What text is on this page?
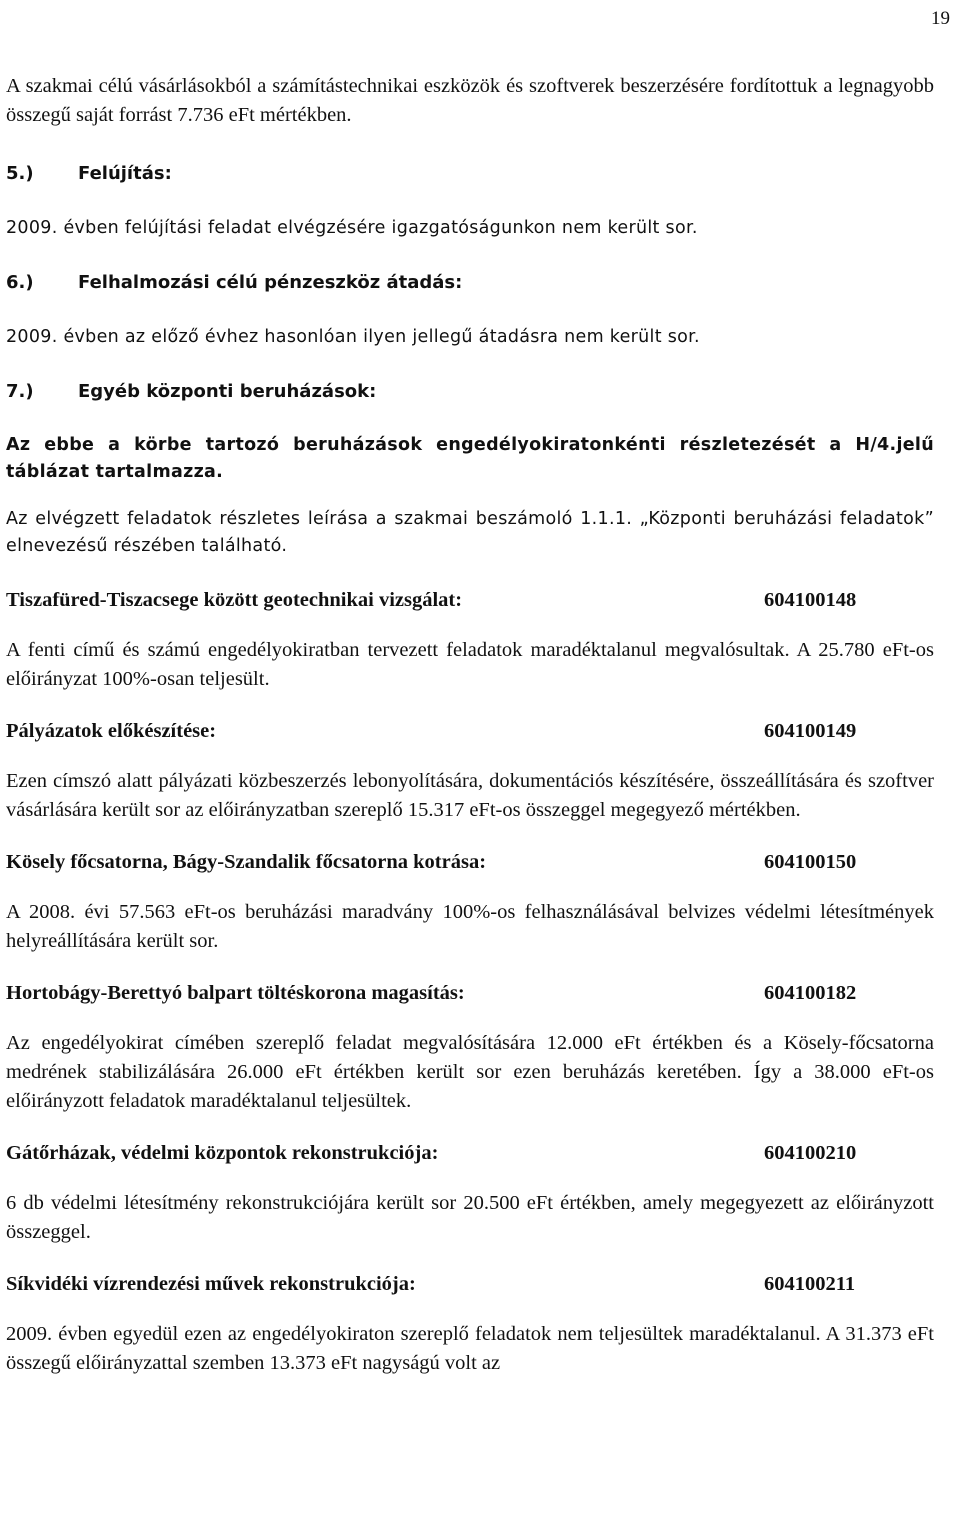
19

A szakmai célú vásárlásokból a számítástechnikai eszközök és szoftverek beszerzésére fordítottuk a legnagyobb összegű saját forrást 7.736 eFt mértékben.

5.)	Felújítás:

2009. évben felújítási feladat elvégzésére igazgatóságunkon nem került sor.

6.)	Felhalmozási célú pénzeszköz átadás:

2009. évben az előző évhez hasonlóan ilyen jellegű átadásra nem került sor.

7.)	Egyéb központi beruházások:

Az ebbe a körbe tartozó beruházások engedélyokiratonkénti részletezését a H/4.jelű táblázat tartalmazza.

Az elvégzett feladatok részletes leírása a szakmai beszámoló 1.1.1. „Központi beruházási feladatok” elnevezésű részében található.

Tiszafüred-Tiszacsege között geotechnikai vizsgálat:	604100148

A fenti című és számú engedélyokiratban tervezett feladatok maradéktalanul megvalósultak. A 25.780 eFt-os előirányzat 100%-osan teljesült.

Pályázatok előkészítése:	604100149

Ezen címszó alatt pályázati közbeszerzés lebonyolítására, dokumentációs készítésére, összeállítására és szoftver vásárlására került sor az előirányzatban szereplő 15.317 eFt-os összeggel megegyező mértékben.

Kösely főcsatorna, Bágy-Szandalik főcsatorna kotrása:	604100150

A 2008. évi 57.563 eFt-os beruházási maradvány 100%-os felhasználásával belvizes védelmi létesítmények helyreállítására került sor.

Hortobágy-Berettyó balpart töltéskorona magasítás:	604100182

Az engedélyokirat címében szereplő feladat megvalósítására 12.000 eFt értékben és a Kösely-főcsatorna medrének stabilizálására 26.000 eFt értékben került sor ezen beruházás keretében. Így a 38.000 eFt-os előirányzott feladatok maradéktalanul teljesültek.

Gátőrházak, védelmi központok rekonstrukciója:	604100210

6 db védelmi létesítmény rekonstrukciójára került sor 20.500 eFt értékben, amely megegyezett az előirányzott összeggel.

Síkvidéki vízrendezési művek rekonstrukciója:	604100211

2009. évben egyedül ezen az engedélyokiraton szereplő feladatok nem teljesültek maradéktalanul. A 31.373 eFt összegű előirányzattal szemben 13.373 eFt nagyságú volt az
